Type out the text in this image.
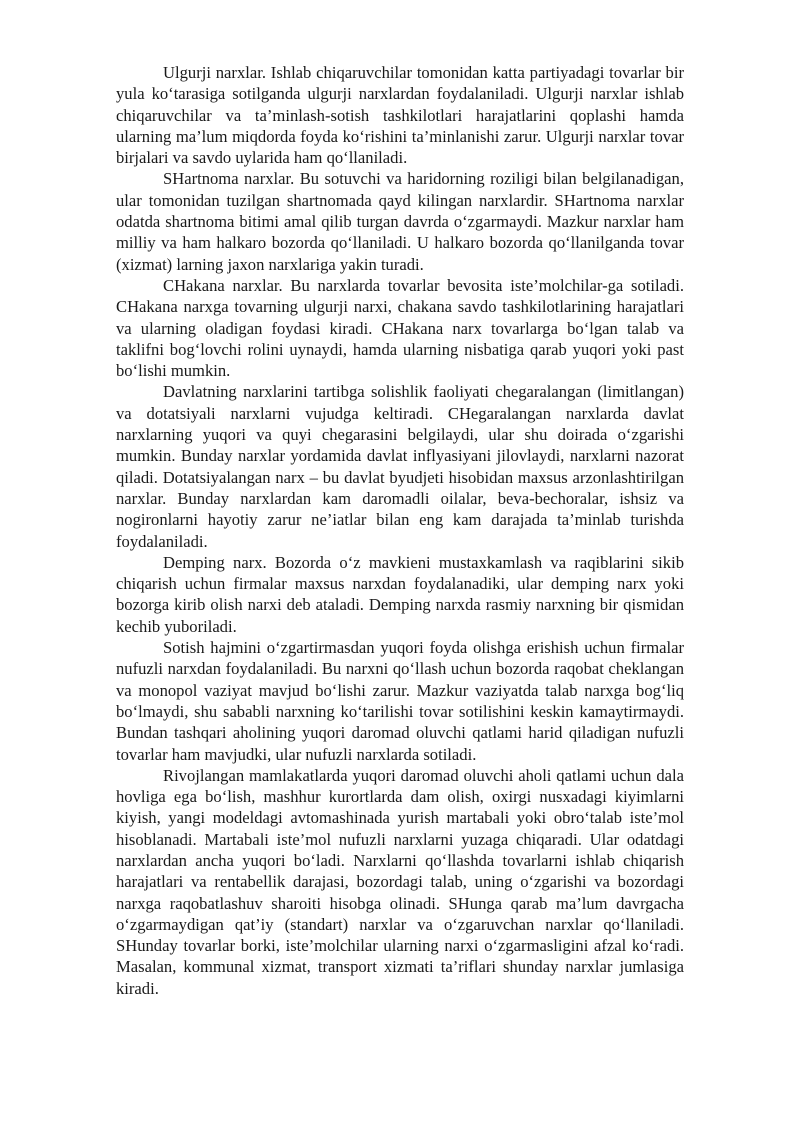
Ulgurji narxlar. Ishlab chiqaruvchilar tomonidan katta partiyadagi tovarlar bir yula ko‘tarasiga sotilganda ulgurji narxlardan foydalaniladi. Ulgurji narxlar ishlab chiqaruvchilar va ta’minlash-sotish tashkilotlari harajatlarini qoplashi hamda ularning ma’lum miqdorda foyda ko‘rishini ta’minlanishi zarur. Ulgurji narxlar tovar birjalari va savdo uylarida ham qo‘llaniladi.

SHartnoma narxlar. Bu sotuvchi va haridorning roziligi bilan belgilanadigan, ular tomonidan tuzilgan shartnomada qayd kilingan narxlardir. SHartnoma narxlar odatda shartnoma bitimi amal qilib turgan davrda o‘zgarmaydi. Mazkur narxlar ham milliy va ham halkaro bozorda qo‘llaniladi. U halkaro bozorda qo‘llanilganda tovar (xizmat) larning jaxon narxlariga yakin turadi.

CHakana narxlar. Bu narxlarda tovarlar bevosita iste’molchilar-ga sotiladi. CHakana narxga tovarning ulgurji narxi, chakana savdo tashkilotlarining harajatlari va ularning oladigan foydasi kiradi. CHakana narx tovarlarga bo‘lgan talab va taklifni bog‘lovchi rolini uynaydi, hamda ularning nisbatiga qarab yuqori yoki past bo‘lishi mumkin.

Davlatning narxlarini tartibga solishlik faoliyati chegaralangan (limitlangan) va dotatsiyali narxlarni vujudga keltiradi. CHegaralangan narxlarda davlat narxlarning yuqori va quyi chegarasini belgilaydi, ular shu doirada o‘zgarishi mumkin. Bunday narxlar yordamida davlat inflyasiyani jilovlaydi, narxlarni nazorat qiladi. Dotatsiyalangan narx – bu davlat byudjeti hisobidan maxsus arzonlashtirilgan narxlar. Bunday narxlardan kam daromadli oilalar, beva-bechoralar, ishsiz va nogironlarni hayotiy zarur ne’iatlar bilan eng kam darajada ta’minlab turishda foydalaniladi.

Demping narx. Bozorda o‘z mavkieni mustaxkamlash va raqiblarini sikib chiqarish uchun firmalar maxsus narxdan foydalanadiki, ular demping narx yoki bozorga kirib olish narxi deb ataladi. Demping narxda rasmiy narxning bir qismidan kechib yuboriladi.

Sotish hajmini o‘zgartirmasdan yuqori foyda olishga erishish uchun firmalar nufuzli narxdan foydalaniladi. Bu narxni qo‘llash uchun bozorda raqobat cheklangan va monopol vaziyat mavjud bo‘lishi zarur. Mazkur vaziyatda talab narxga bog‘liq bo‘lmaydi, shu sababli narxning ko‘tarilishi tovar sotilishini keskin kamaytirmaydi. Bundan tashqari aholining yuqori daromad oluvchi qatlami harid qiladigan nufuzli tovarlar ham mavjudki, ular nufuzli narxlarda sotiladi.

Rivojlangan mamlakatlarda yuqori daromad oluvchi aholi qatlami uchun dala hovliga ega bo‘lish, mashhur kurortlarda dam olish, oxirgi nusxadagi kiyimlarni kiyish, yangi modeldagi avtomashinada yurish martabali yoki obro‘talab iste’mol hisoblanadi. Martabali iste’mol nufuzli narxlarni yuzaga chiqaradi. Ular odatdagi narxlardan ancha yuqori bo‘ladi. Narxlarni qo‘llashda tovarlarni ishlab chiqarish harajatlari va rentabellik darajasi, bozordagi talab, uning o‘zgarishi va bozordagi narxga raqobatlashuv sharoiti hisobga olinadi. SHunga qarab ma’lum davrgacha o‘zgarmaydigan qat’iy (standart) narxlar va o‘zgaruvchan narxlar qo‘llaniladi. SHunday tovarlar borki, iste’molchilar ularning narxi o‘zgarmasligini afzal ko‘radi. Masalan, kommunal xizmat, transport xizmati ta’riflari shunday narxlar jumlasiga kiradi.
